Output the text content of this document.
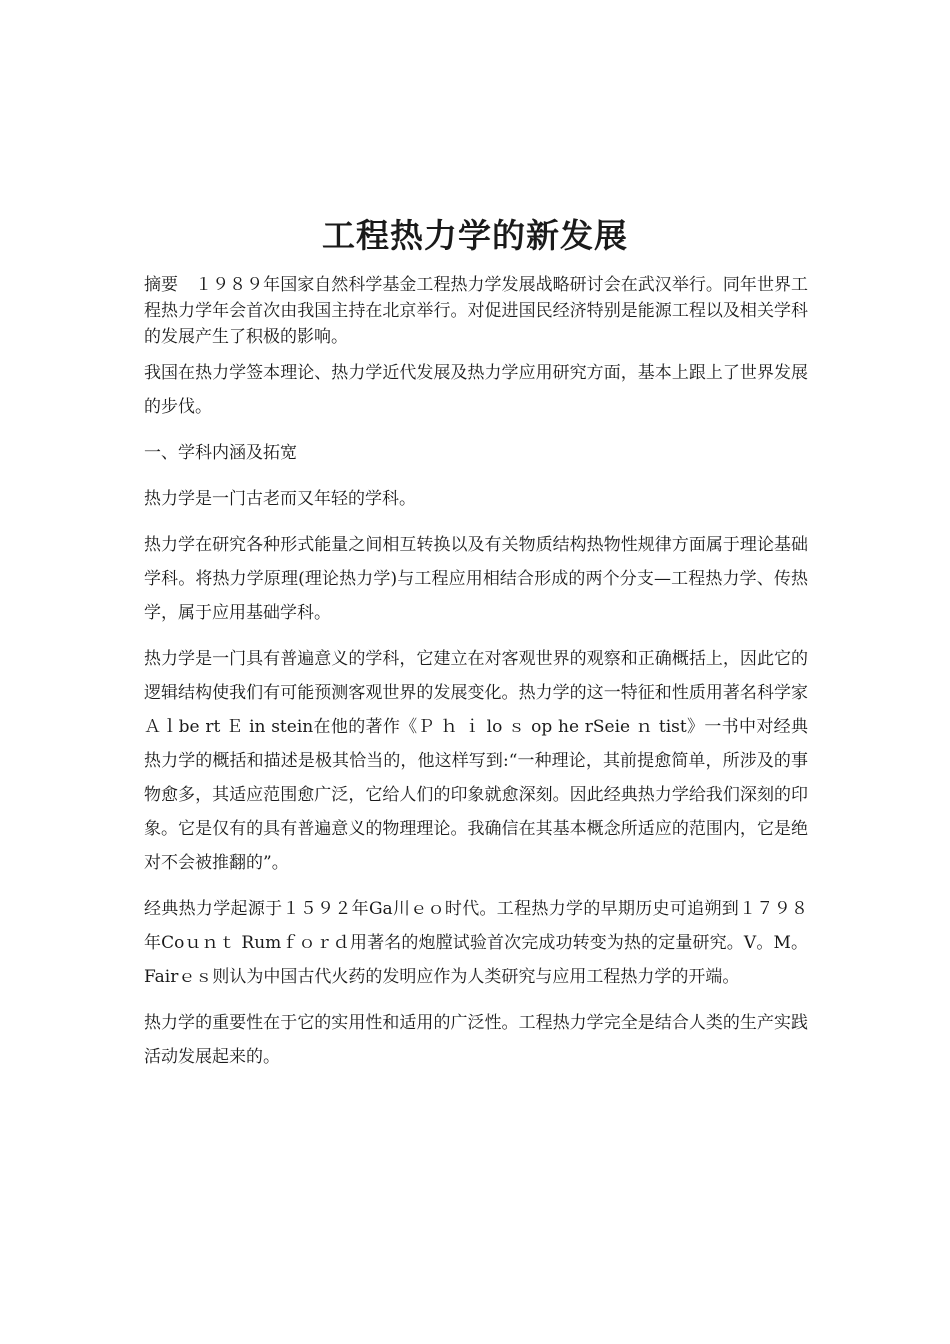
工程热力学的新发展

摘要　１９８９年国家自然科学基金工程热力学发展战略研讨会在武汉举行。同年世界工程热力学年会首次由我国主持在北京举行。对促进国民经济特别是能源工程以及相关学科的发展产生了积极的影响。

我国在热力学签本理论、热力学近代发展及热力学应用研究方面，基本上跟上了世界发展的步伐。

一、学科内涵及拓宽

热力学是一门古老而又年轻的学科。

热力学在研究各种形式能量之间相互转换以及有关物质结构热物性规律方面属于理论基础学科。将热力学原理(理论热力学)与工程应用相结合形成的两个分支—工程热力学、传热学，属于应用基础学科。

热力学是一门具有普遍意义的学科，它建立在对客观世界的观察和正确概括上，因此它的逻辑结构使我们有可能预测客观世界的发展变化。热力学的这一特征和性质用著名科学家Ａｌbe rt Ｅ in stein在他的著作《Ｐ ｈ ｉ lo ｓ op he rSeie ｎ tist》一书中对经典热力学的概括和描述是极其恰当的，他这样写到:“一种理论，其前提愈简单，所涉及的事物愈多，其适应范围愈广泛，它给人们的印象就愈深刻。因此经典热力学给我们深刻的印象。它是仅有的具有普遍意义的物理理论。我确信在其基本概念所适应的范围内，它是绝对不会被推翻的”。

经典热力学起源于１５９２年Ga川ｅｏ时代。工程热力学的早期历史可追朔到１７９８年Coｕｎｔ Rumｆｏｒｄ用著名的炮膛试验首次完成功转变为热的定量研究。V。M。Fairｅｓ则认为中国古代火药的发明应作为人类研究与应用工程热力学的开端。

热力学的重要性在于它的实用性和适用的广泛性。工程热力学完全是结合人类的生产实践活动发展起来的。
